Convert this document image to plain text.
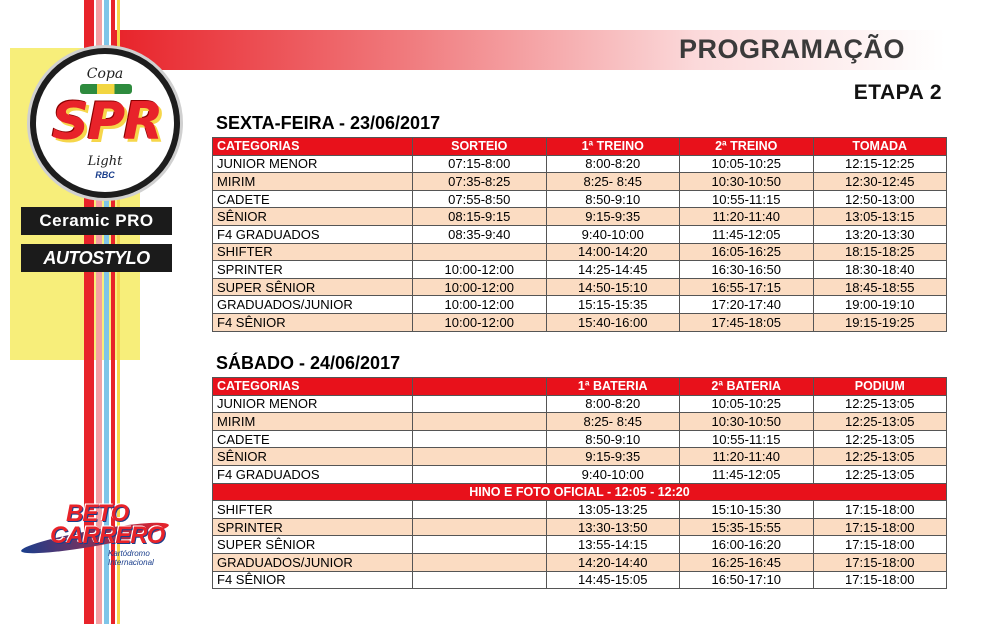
Copa
SPR
Light
RBC
Ceramic PRO
AUTOSTYLO
BETO
CARRERO
Kartódromo
Internacional
PROGRAMAÇÃO
ETAPA 2
SEXTA-FEIRA - 23/06/2017
CATEGORIAS	SORTEIO	1ª TREINO	2ª TREINO	TOMADA
JUNIOR MENOR	07:15-8:00	8:00-8:20	10:05-10:25	12:15-12:25
MIRIM	07:35-8:25	8:25- 8:45	10:30-10:50	12:30-12:45
CADETE	07:55-8:50	8:50-9:10	10:55-11:15	12:50-13:00
SÊNIOR	08:15-9:15	9:15-9:35	11:20-11:40	13:05-13:15
F4 GRADUADOS	08:35-9:40	9:40-10:00	11:45-12:05	13:20-13:30
SHIFTER		14:00-14:20	16:05-16:25	18:15-18:25
SPRINTER	10:00-12:00	14:25-14:45	16:30-16:50	18:30-18:40
SUPER SÊNIOR	10:00-12:00	14:50-15:10	16:55-17:15	18:45-18:55
GRADUADOS/JUNIOR	10:00-12:00	15:15-15:35	17:20-17:40	19:00-19:10
F4 SÊNIOR	10:00-12:00	15:40-16:00	17:45-18:05	19:15-19:25
SÁBADO - 24/06/2017
CATEGORIAS		1ª BATERIA	2ª BATERIA	PODIUM
JUNIOR MENOR		8:00-8:20	10:05-10:25	12:25-13:05
MIRIM		8:25- 8:45	10:30-10:50	12:25-13:05
CADETE		8:50-9:10	10:55-11:15	12:25-13:05
SÊNIOR		9:15-9:35	11:20-11:40	12:25-13:05
F4 GRADUADOS		9:40-10:00	11:45-12:05	12:25-13:05
HINO E FOTO OFICIAL - 12:05 - 12:20				
SHIFTER		13:05-13:25	15:10-15:30	17:15-18:00
SPRINTER		13:30-13:50	15:35-15:55	17:15-18:00
SUPER SÊNIOR		13:55-14:15	16:00-16:20	17:15-18:00
GRADUADOS/JUNIOR		14:20-14:40	16:25-16:45	17:15-18:00
F4 SÊNIOR		14:45-15:05	16:50-17:10	17:15-18:00
